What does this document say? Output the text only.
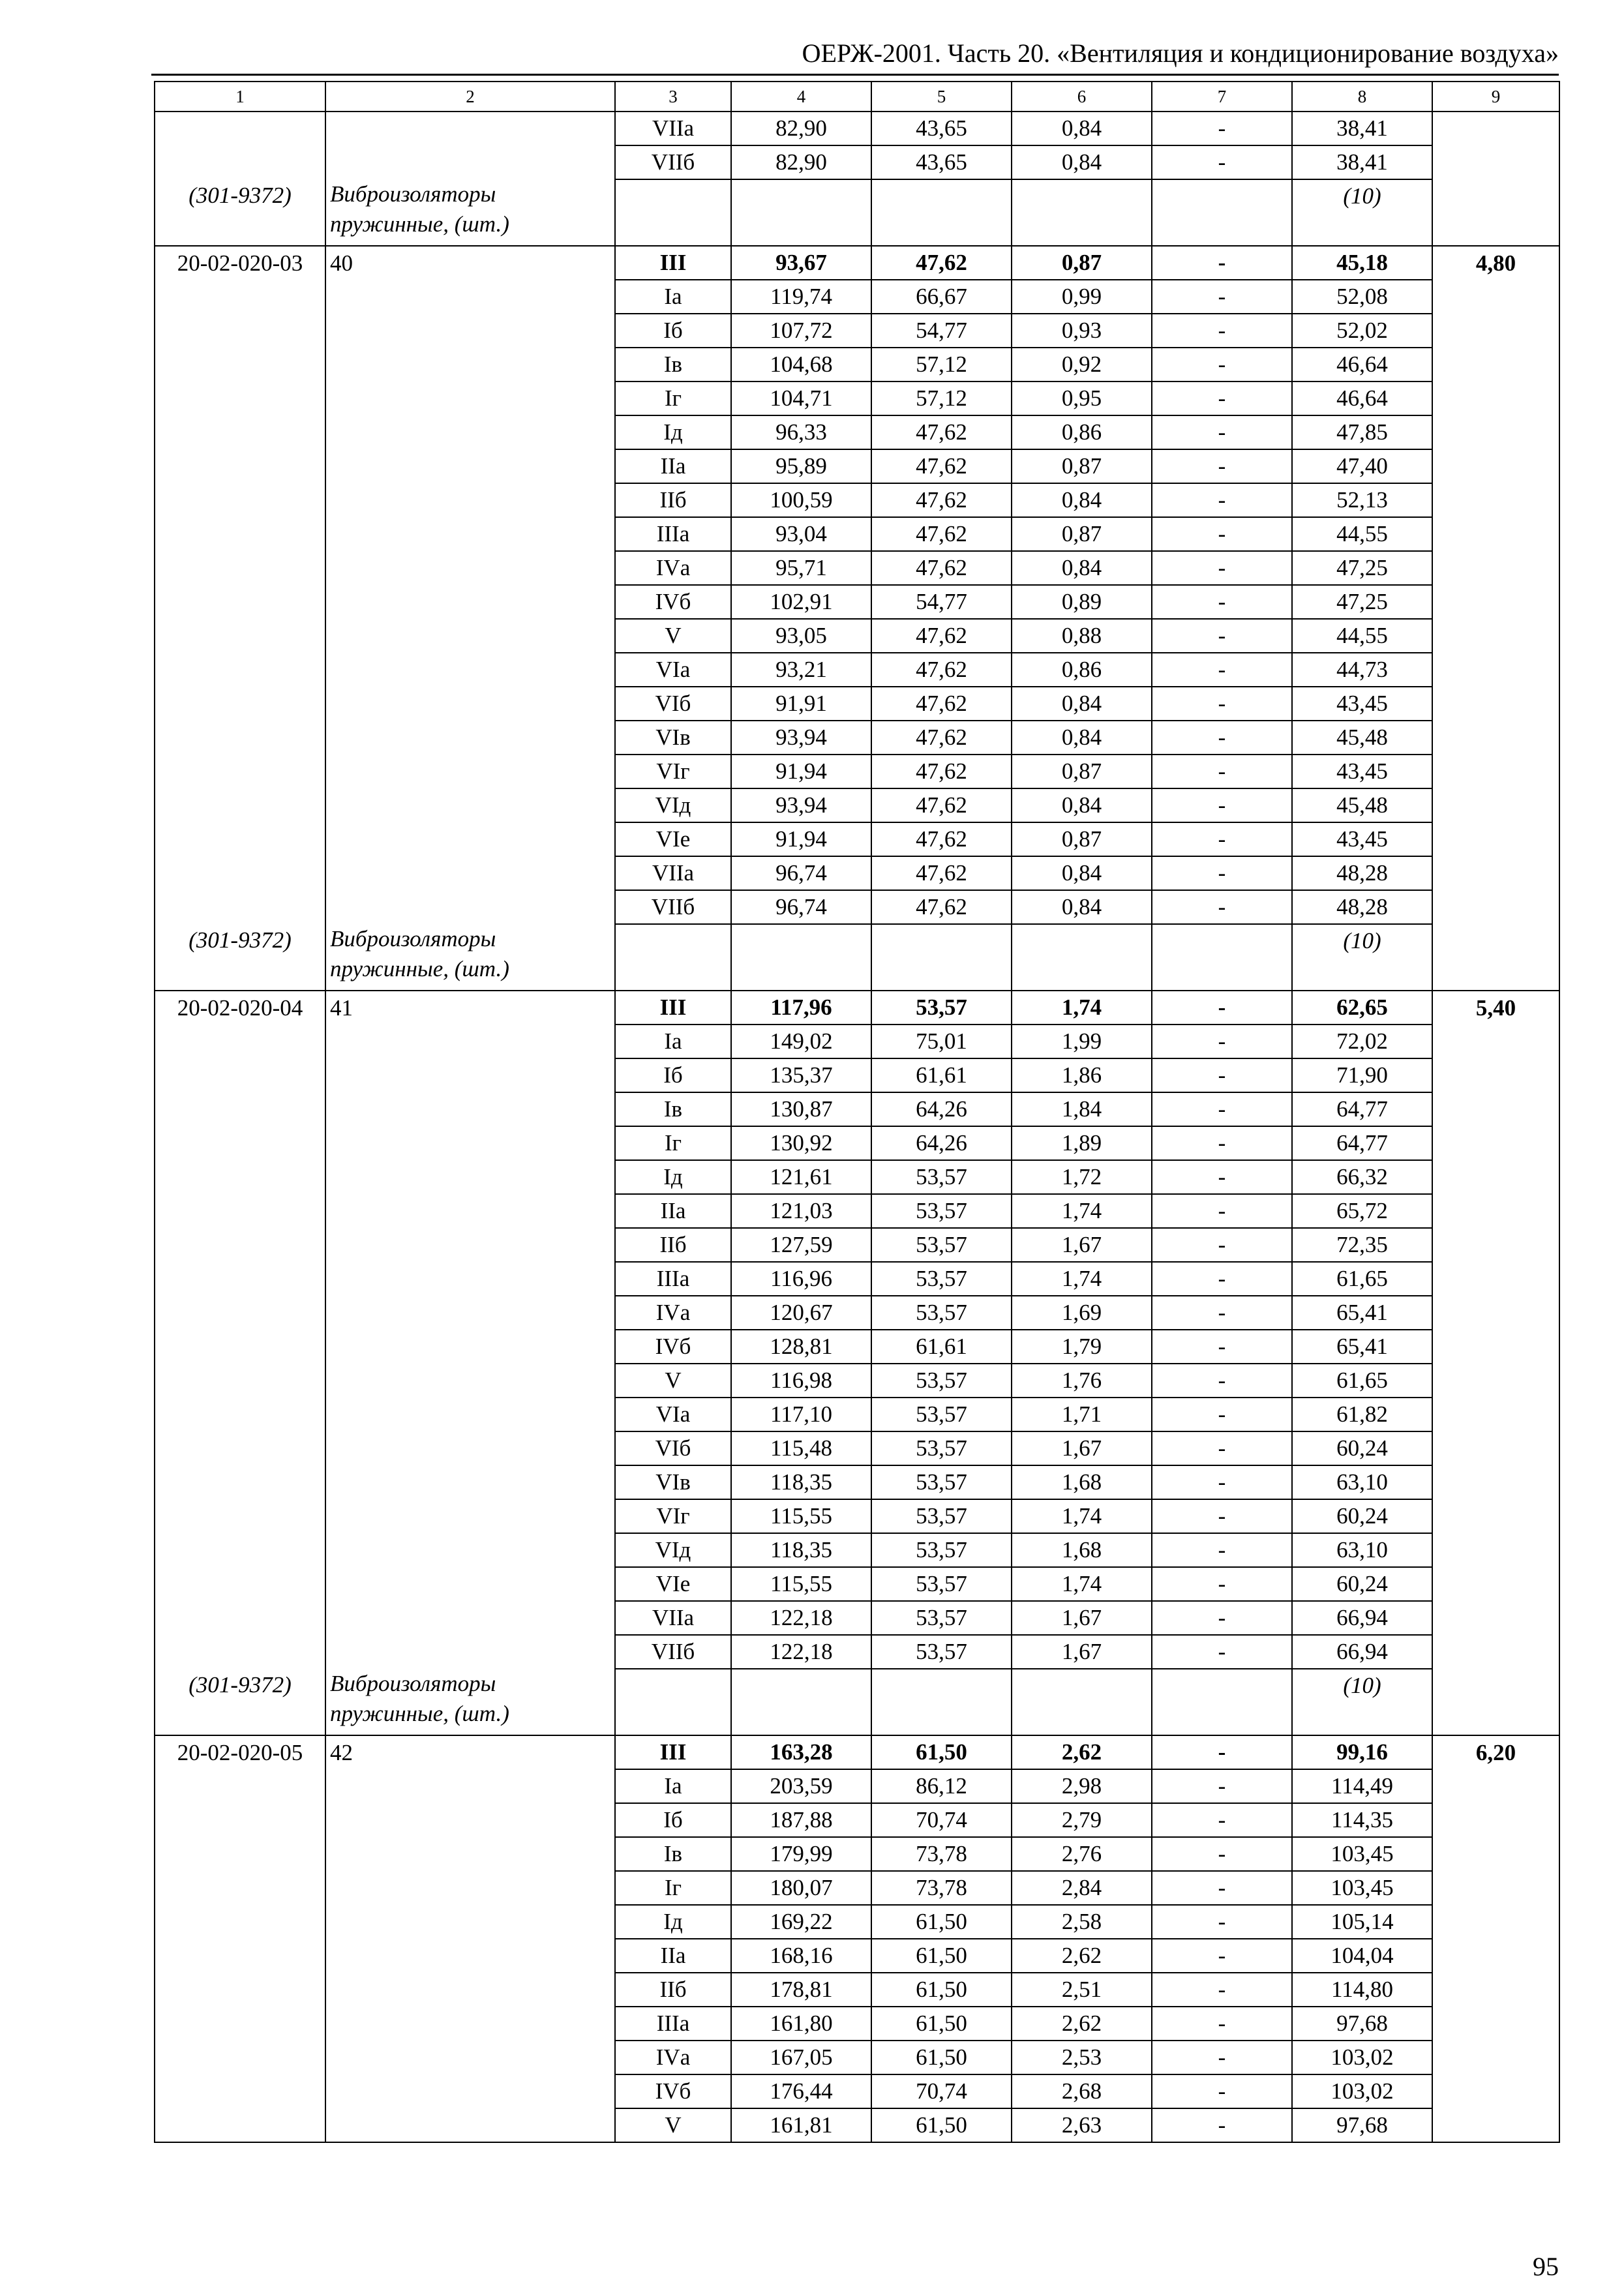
ОЕРЖ-2001. Часть 20. «Вентиляция и кондиционирование воздуха»
1	2	3	4	5	6	7	8	9
		VIIа	82,90	43,65	0,84	-	38,41	
		VIIб	82,90	43,65	0,84	-	38,41	
(301-9372)	Виброизоляторы пружинные, (шт.)						(10)	
20-02-020-03	40	III	93,67	47,62	0,87	-	45,18	4,80
		Iа	119,74	66,67	0,99	-	52,08	
		Iб	107,72	54,77	0,93	-	52,02	
		Iв	104,68	57,12	0,92	-	46,64	
		Iг	104,71	57,12	0,95	-	46,64	
		Iд	96,33	47,62	0,86	-	47,85	
		IIа	95,89	47,62	0,87	-	47,40	
		IIб	100,59	47,62	0,84	-	52,13	
		IIIа	93,04	47,62	0,87	-	44,55	
		IVа	95,71	47,62	0,84	-	47,25	
		IVб	102,91	54,77	0,89	-	47,25	
		V	93,05	47,62	0,88	-	44,55	
		VIа	93,21	47,62	0,86	-	44,73	
		VIб	91,91	47,62	0,84	-	43,45	
		VIв	93,94	47,62	0,84	-	45,48	
		VIг	91,94	47,62	0,87	-	43,45	
		VIд	93,94	47,62	0,84	-	45,48	
		VIе	91,94	47,62	0,87	-	43,45	
		VIIа	96,74	47,62	0,84	-	48,28	
		VIIб	96,74	47,62	0,84	-	48,28	
(301-9372)	Виброизоляторы пружинные, (шт.)						(10)	
20-02-020-04	41	III	117,96	53,57	1,74	-	62,65	5,40
		Iа	149,02	75,01	1,99	-	72,02	
		Iб	135,37	61,61	1,86	-	71,90	
		Iв	130,87	64,26	1,84	-	64,77	
		Iг	130,92	64,26	1,89	-	64,77	
		Iд	121,61	53,57	1,72	-	66,32	
		IIа	121,03	53,57	1,74	-	65,72	
		IIб	127,59	53,57	1,67	-	72,35	
		IIIа	116,96	53,57	1,74	-	61,65	
		IVа	120,67	53,57	1,69	-	65,41	
		IVб	128,81	61,61	1,79	-	65,41	
		V	116,98	53,57	1,76	-	61,65	
		VIа	117,10	53,57	1,71	-	61,82	
		VIб	115,48	53,57	1,67	-	60,24	
		VIв	118,35	53,57	1,68	-	63,10	
		VIг	115,55	53,57	1,74	-	60,24	
		VIд	118,35	53,57	1,68	-	63,10	
		VIе	115,55	53,57	1,74	-	60,24	
		VIIа	122,18	53,57	1,67	-	66,94	
		VIIб	122,18	53,57	1,67	-	66,94	
(301-9372)	Виброизоляторы пружинные, (шт.)						(10)	
20-02-020-05	42	III	163,28	61,50	2,62	-	99,16	6,20
		Iа	203,59	86,12	2,98	-	114,49	
		Iб	187,88	70,74	2,79	-	114,35	
		Iв	179,99	73,78	2,76	-	103,45	
		Iг	180,07	73,78	2,84	-	103,45	
		Iд	169,22	61,50	2,58	-	105,14	
		IIа	168,16	61,50	2,62	-	104,04	
		IIб	178,81	61,50	2,51	-	114,80	
		IIIа	161,80	61,50	2,62	-	97,68	
		IVа	167,05	61,50	2,53	-	103,02	
		IVб	176,44	70,74	2,68	-	103,02	
		V	161,81	61,50	2,63	-	97,68	
95
